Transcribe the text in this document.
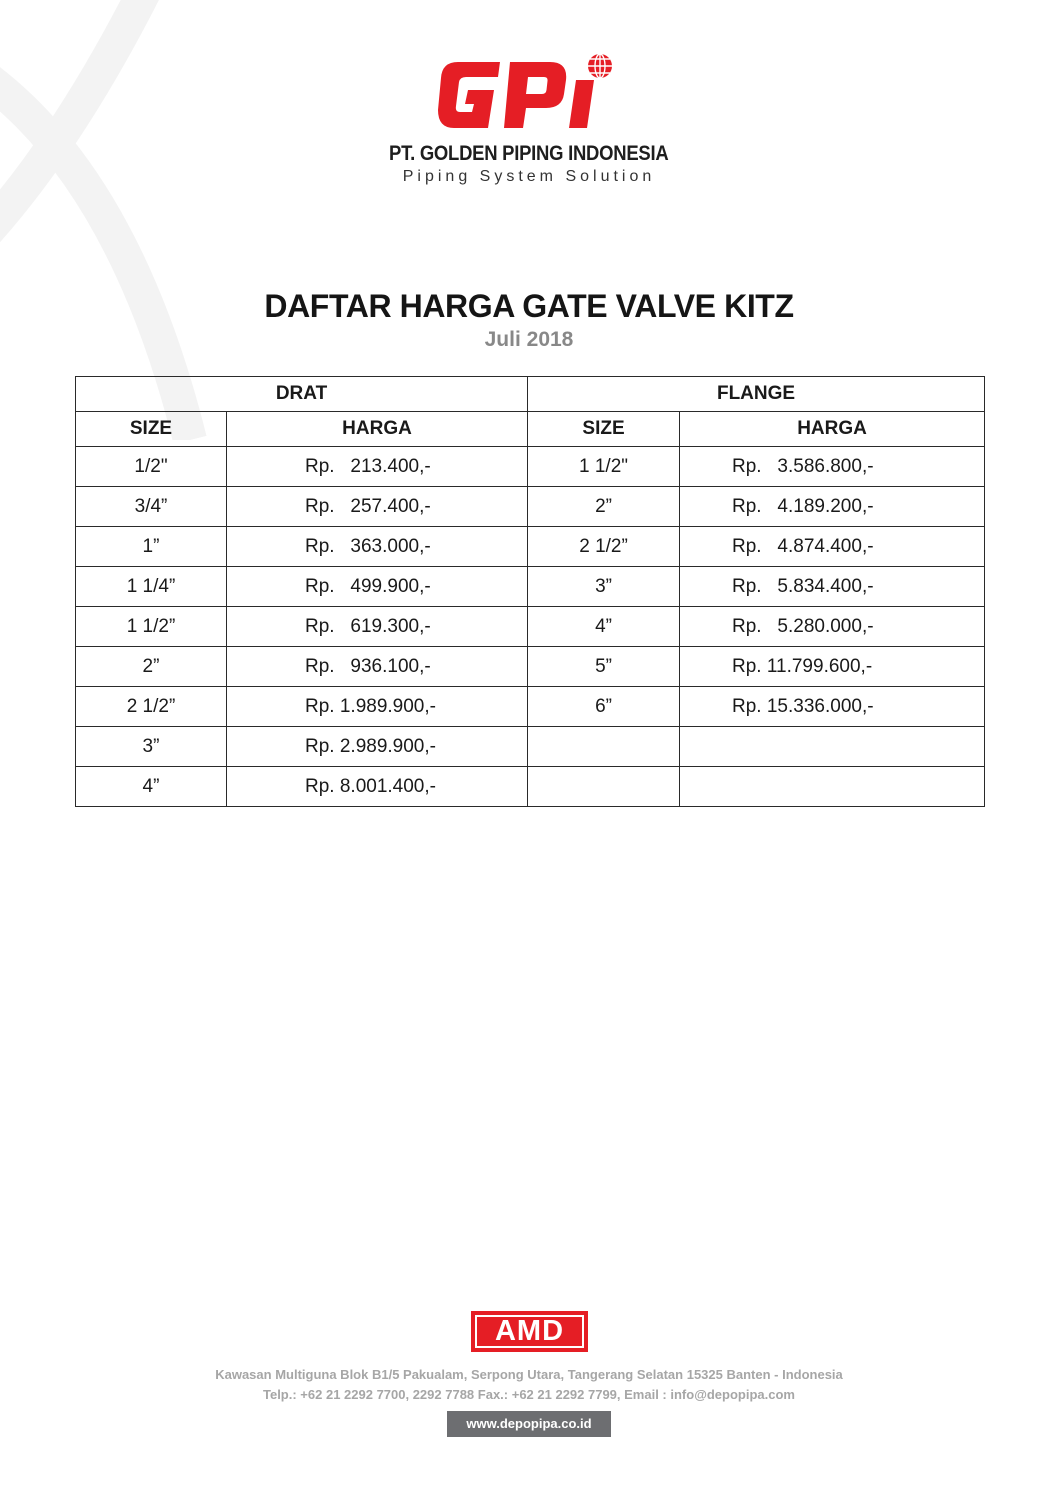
GPi
PT. GOLDEN PIPING INDONESIA
Piping System Solution
DAFTAR HARGA GATE VALVE KITZ
Juli 2018
DRAT		FLANGE	
SIZE	HARGA	SIZE	HARGA
1/2"	Rp.   213.400,-	1 1/2"	Rp.   3.586.800,-
3/4”	Rp.   257.400,-	2”	Rp.   4.189.200,-
1”	Rp.   363.000,-	2 1/2”	Rp.   4.874.400,-
1 1/4”	Rp.   499.900,-	3”	Rp.   5.834.400,-
1 1/2”	Rp.   619.300,-	4”	Rp.   5.280.000,-
2”	Rp.   936.100,-	5”	Rp. 11.799.600,-
2 1/2”	Rp. 1.989.900,-	6”	Rp. 15.336.000,-
3”	Rp. 2.989.900,-		
4”	Rp. 8.001.400,-		
AMD
Kawasan Multiguna Blok B1/5 Pakualam, Serpong Utara, Tangerang Selatan 15325 Banten - Indonesia
Telp.: +62 21 2292 7700, 2292 7788 Fax.: +62 21 2292 7799, Email : info@depopipa.com
www.depopipa.co.id
